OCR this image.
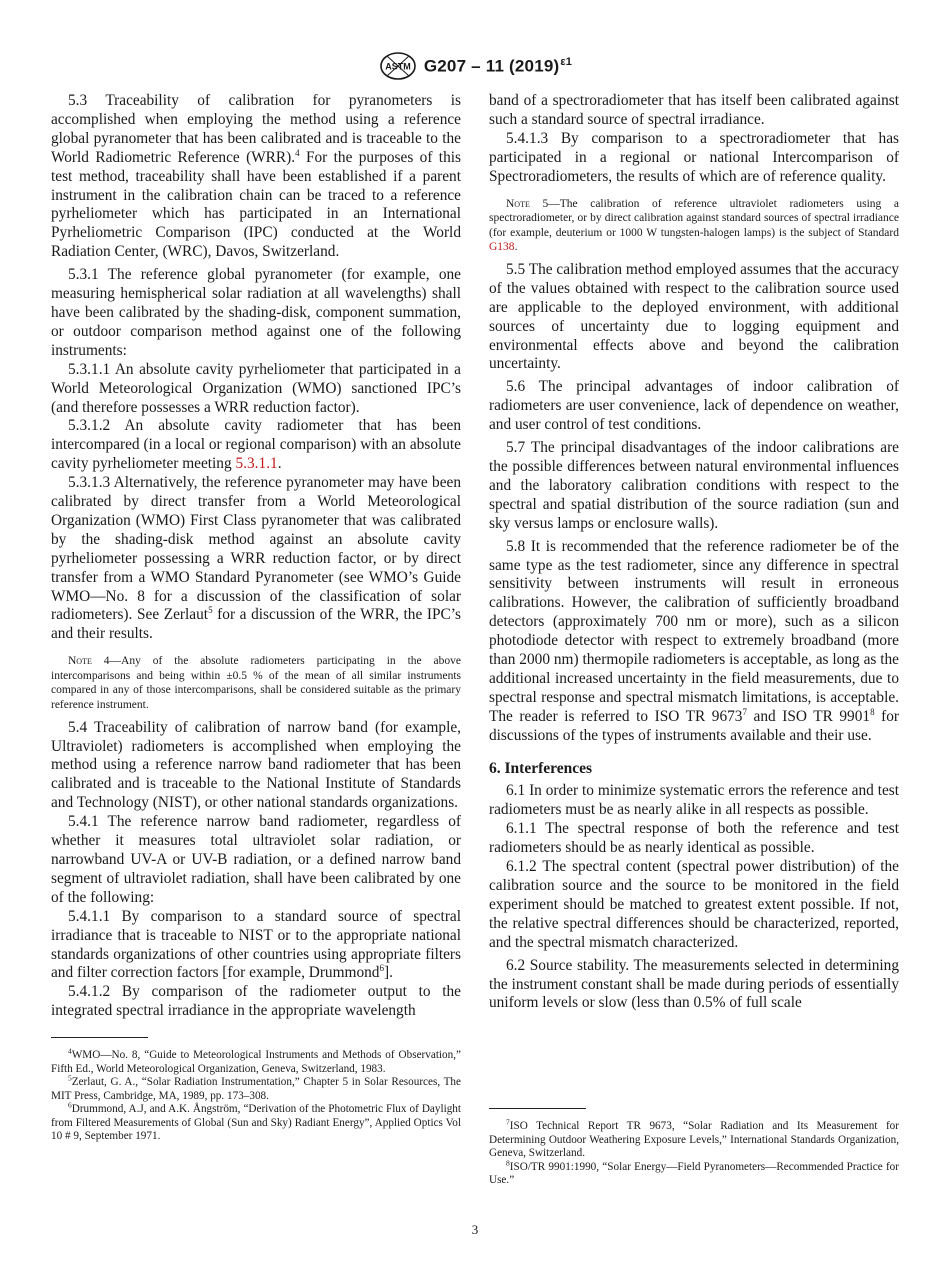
ASTM G207 – 11 $(2019)^{\varepsilon 1}$

5.3 Traceability of calibration for pyranometers is accomplished when employing the method using a reference global pyranometer that has been calibrated and is traceable to the World Radiometric Reference (WRR).$^4$ For the purposes of this test method, traceability shall have been established if a parent instrument in the calibration chain can be traced to a reference pyrheliometer which has participated in an International Pyrheliometric Comparison (IPC) conducted at the World Radiation Center, (WRC), Davos, Switzerland.

5.3.1 The reference global pyranometer (for example, one measuring hemispherical solar radiation at all wavelengths) shall have been calibrated by the shading-disk, component summation, or outdoor comparison method against one of the following instruments:

5.3.1.1 An absolute cavity pyrheliometer that participated in a World Meteorological Organization (WMO) sanctioned IPC’s (and therefore possesses a WRR reduction factor).

5.3.1.2 An absolute cavity radiometer that has been intercompared (in a local or regional comparison) with an absolute cavity pyrheliometer meeting 5.3.1.1.

5.3.1.3 Alternatively, the reference pyranometer may have been calibrated by direct transfer from a World Meteorological Organization (WMO) First Class pyranometer that was calibrated by the shading-disk method against an absolute cavity pyrheliometer possessing a WRR reduction factor, or by direct transfer from a WMO Standard Pyranometer (see WMO’s Guide WMO—No. 8 for a discussion of the classification of solar radiometers). See Zerlaut$^5$ for a discussion of the WRR, the IPC’s and their results.

Note 4—Any of the absolute radiometers participating in the above intercomparisons and being within ±0.5 % of the mean of all similar instruments compared in any of those intercomparisons, shall be considered suitable as the primary reference instrument.

5.4 Traceability of calibration of narrow band (for example, Ultraviolet) radiometers is accomplished when employing the method using a reference narrow band radiometer that has been calibrated and is traceable to the National Institute of Standards and Technology (NIST), or other national standards organizations.

5.4.1 The reference narrow band radiometer, regardless of whether it measures total ultraviolet solar radiation, or narrowband UV-A or UV-B radiation, or a defined narrow band segment of ultraviolet radiation, shall have been calibrated by one of the following:

5.4.1.1 By comparison to a standard source of spectral irradiance that is traceable to NIST or to the appropriate national standards organizations of other countries using appropriate filters and filter correction factors [for example, Drummond$^6$].

5.4.1.2 By comparison of the radiometer output to the integrated spectral irradiance in the appropriate wavelength

band of a spectroradiometer that has itself been calibrated against such a standard source of spectral irradiance.

5.4.1.3 By comparison to a spectroradiometer that has participated in a regional or national Intercomparison of Spectroradiometers, the results of which are of reference quality.

Note 5—The calibration of reference ultraviolet radiometers using a spectroradiometer, or by direct calibration against standard sources of spectral irradiance (for example, deuterium or 1000 W tungsten-halogen lamps) is the subject of Standard G138.

5.5 The calibration method employed assumes that the accuracy of the values obtained with respect to the calibration source used are applicable to the deployed environment, with additional sources of uncertainty due to logging equipment and environmental effects above and beyond the calibration uncertainty.

5.6 The principal advantages of indoor calibration of radiometers are user convenience, lack of dependence on weather, and user control of test conditions.

5.7 The principal disadvantages of the indoor calibrations are the possible differences between natural environmental influences and the laboratory calibration conditions with respect to the spectral and spatial distribution of the source radiation (sun and sky versus lamps or enclosure walls).

5.8 It is recommended that the reference radiometer be of the same type as the test radiometer, since any difference in spectral sensitivity between instruments will result in erroneous calibrations. However, the calibration of sufficiently broadband detectors (approximately 700 nm or more), such as a silicon photodiode detector with respect to extremely broadband (more than 2000 nm) thermopile radiometers is acceptable, as long as the additional increased uncertainty in the field measurements, due to spectral response and spectral mismatch limitations, is acceptable. The reader is referred to ISO TR 9673$^7$ and ISO TR 9901$^8$ for discussions of the types of instruments available and their use.

6. Interferences

6.1 In order to minimize systematic errors the reference and test radiometers must be as nearly alike in all respects as possible.

6.1.1 The spectral response of both the reference and test radiometers should be as nearly identical as possible.

6.1.2 The spectral content (spectral power distribution) of the calibration source and the source to be monitored in the field experiment should be matched to greatest extent possible. If not, the relative spectral differences should be characterized, reported, and the spectral mismatch characterized.

6.2 Source stability. The measurements selected in determining the instrument constant shall be made during periods of essentially uniform levels or slow (less than 0.5% of full scale

$^4$WMO—No. 8, “Guide to Meteorological Instruments and Methods of Observation,” Fifth Ed., World Meteorological Organization, Geneva, Switzerland, 1983.

$^5$Zerlaut, G. A., “Solar Radiation Instrumentation,” Chapter 5 in Solar Resources, The MIT Press, Cambridge, MA, 1989, pp. 173–308.

$^6$Drummond, A.J, and A.K. Ångström, “Derivation of the Photometric Flux of Daylight from Filtered Measurements of Global (Sun and Sky) Radiant Energy”, Applied Optics Vol 10 # 9, September 1971.

$^7$ISO Technical Report TR 9673, “Solar Radiation and Its Measurement for Determining Outdoor Weathering Exposure Levels,” International Standards Organization, Geneva, Switzerland.

$^8$ISO/TR 9901:1990, “Solar Energy—Field Pyranometers—Recommended Practice for Use.”

3
